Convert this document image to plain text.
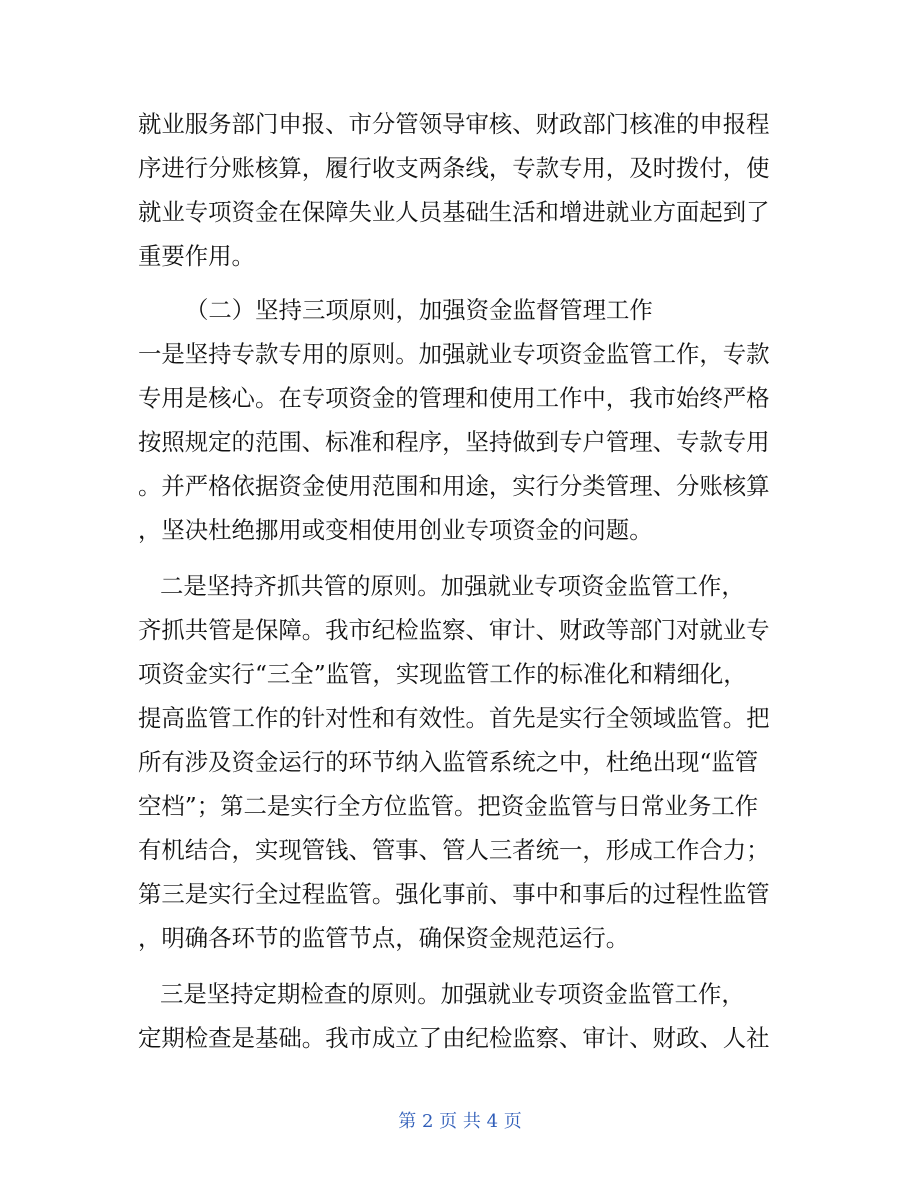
就业服务部门申报、市分管领导审核、财政部门核准的申报程
序进行分账核算，履行收支两条线，专款专用，及时拨付，使
就业专项资金在保障失业人员基础生活和增进就业方面起到了
重要作用。
（二）坚持三项原则，加强资金监督管理工作
一是坚持专款专用的原则。加强就业专项资金监管工作，专款
专用是核心。在专项资金的管理和使用工作中，我市始终严格
按照规定的范围、标准和程序，坚持做到专户管理、专款专用
。并严格依据资金使用范围和用途，实行分类管理、分账核算
，坚决杜绝挪用或变相使用创业专项资金的问题。
二是坚持齐抓共管的原则。加强就业专项资金监管工作，
齐抓共管是保障。我市纪检监察、审计、财政等部门对就业专
项资金实行“三全”监管，实现监管工作的标准化和精细化，
提高监管工作的针对性和有效性。首先是实行全领域监管。把
所有涉及资金运行的环节纳入监管系统之中，杜绝出现“监管
空档”；第二是实行全方位监管。把资金监管与日常业务工作
有机结合，实现管钱、管事、管人三者统一，形成工作合力；
第三是实行全过程监管。强化事前、事中和事后的过程性监管
，明确各环节的监管节点，确保资金规范运行。
三是坚持定期检查的原则。加强就业专项资金监管工作，
定期检查是基础。我市成立了由纪检监察、审计、财政、人社
第 2 页 共 4 页
